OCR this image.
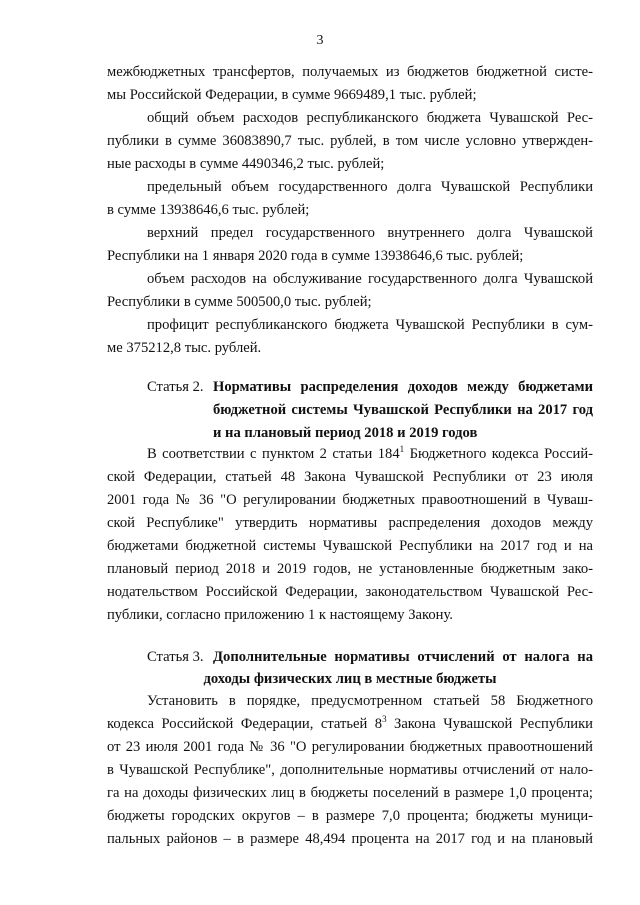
3
межбюджетных трансфертов, получаемых из бюджетов бюджетной систе-
мы Российской Федерации, в сумме 9669489,1 тыс. рублей;
общий объем расходов республиканского бюджета Чувашской Рес-
публики в сумме 36083890,7 тыс. рублей, в том числе условно утвержден-
ные расходы в сумме 4490346,2 тыс. рублей;
предельный объем государственного долга Чувашской Республики
в сумме 13938646,6 тыс. рублей;
верхний предел государственного внутреннего долга Чувашской
Республики на 1 января 2020 года в сумме 13938646,6 тыс. рублей;
объем расходов на обслуживание государственного долга Чувашской
Республики в сумме 500500,0 тыс. рублей;
профицит республиканского бюджета Чувашской Республики в сум-
ме 375212,8 тыс. рублей.
Статья 2. Нормативы распределения доходов между бюджетами
бюджетной системы Чувашской Республики на 2017 год
и на плановый период 2018 и 2019 годов
В соответствии с пунктом 2 статьи $184^1$ Бюджетного кодекса Россий-
ской Федерации, статьей 48 Закона Чувашской Республики от 23 июля
2001 года № 36 "О регулировании бюджетных правоотношений в Чуваш-
ской Республике" утвердить нормативы распределения доходов между
бюджетами бюджетной системы Чувашской Республики на 2017 год и на
плановый период 2018 и 2019 годов, не установленные бюджетным зако-
нодательством Российской Федерации, законодательством Чувашской Рес-
публики, согласно приложению 1 к настоящему Закону.
Статья 3. Дополнительные нормативы отчислений от налога на
доходы физических лиц в местные бюджеты
Установить в порядке, предусмотренном статьей 58 Бюджетного
кодекса Российской Федерации, статьей $8^3$ Закона Чувашской Республики
от 23 июля 2001 года № 36 "О регулировании бюджетных правоотношений
в Чувашской Республике", дополнительные нормативы отчислений от нало-
га на доходы физических лиц в бюджеты поселений в размере 1,0 процента;
бюджеты городских округов – в размере 7,0 процента; бюджеты муници-
пальных районов – в размере 48,494 процента на 2017 год и на плановый
